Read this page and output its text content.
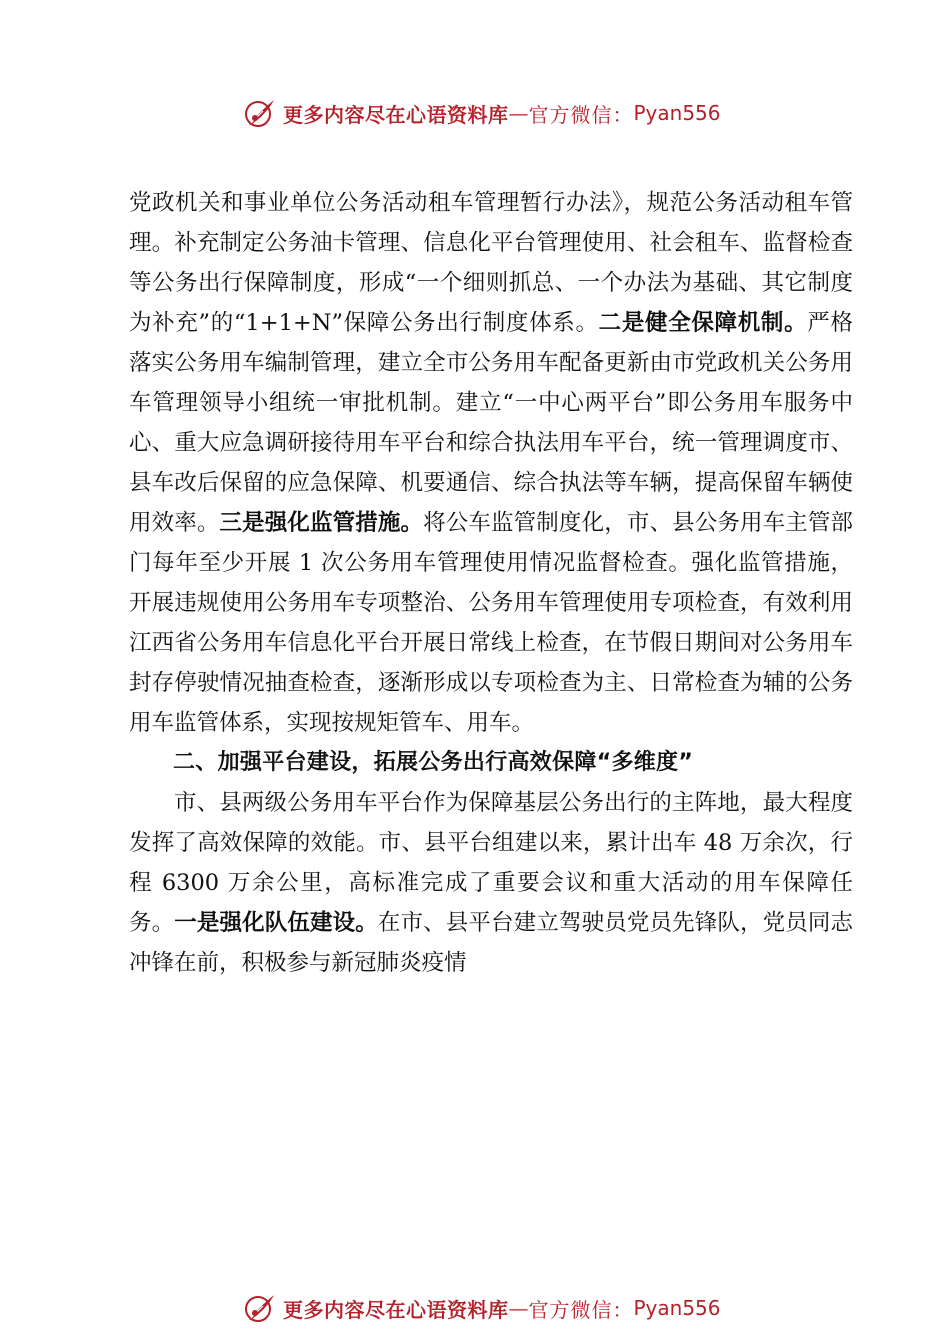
更多内容尽在心语资料库 — 官方微信： Pyan556

党政机关和事业单位公务活动租车管理暂行办法》，规范公务活动租车管理。补充制定公务油卡管理、信息化平台管理使用、社会租车、监督检查等公务出行保障制度，形成“一个细则抓总、一个办法为基础、其它制度为补充”的“1+1+N”保障公务出行制度体系。二是健全保障机制。严格落实公务用车编制管理，建立全市公务用车配备更新由市党政机关公务用车管理领导小组统一审批机制。建立“一中心两平台”即公务用车服务中心、重大应急调研接待用车平台和综合执法用车平台，统一管理调度市、县车改后保留的应急保障、机要通信、综合执法等车辆，提高保留车辆使用效率。三是强化监管措施。将公车监管制度化，市、县公务用车主管部门每年至少开展 1 次公务用车管理使用情况监督检查。强化监管措施，开展违规使用公务用车专项整治、公务用车管理使用专项检查，有效利用江西省公务用车信息化平台开展日常线上检查，在节假日期间对公务用车封存停驶情况抽查检查，逐渐形成以专项检查为主、日常检查为辅的公务用车监管体系，实现按规矩管车、用车。

二、加强平台建设，拓展公务出行高效保障“多维度”

市、县两级公务用车平台作为保障基层公务出行的主阵地，最大程度发挥了高效保障的效能。市、县平台组建以来，累计出车 48 万余次，行程 6300 万余公里，高标准完成了重要会议和重大活动的用车保障任务。一是强化队伍建设。在市、县平台建立驾驶员党员先锋队，党员同志冲锋在前，积极参与新冠肺炎疫情

更多内容尽在心语资料库 — 官方微信： Pyan556
